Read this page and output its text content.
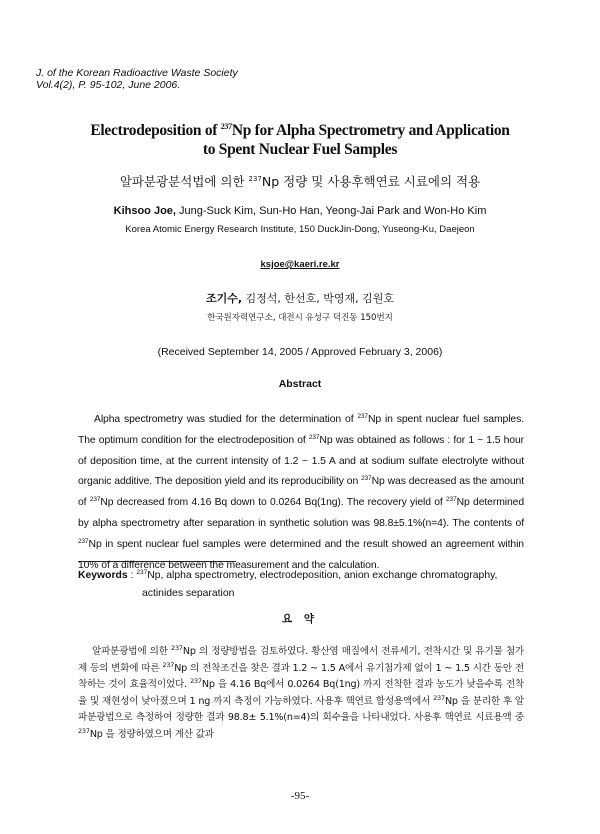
J. of the Korean Radioactive Waste Society
Vol.4(2), P. 95-102, June 2006.
Electrodeposition of $^{237}$Np for Alpha Spectrometry and Application
to Spent Nuclear Fuel Samples
알파분광분석법에 의한 $^{237}$Np 정량 및 사용후핵연료 시료에의 적용
Kihsoo Joe, Jung-Suck Kim, Sun-Ho Han, Yeong-Jai Park and Won-Ho Kim
Korea Atomic Energy Research Institute, 150 DuckJin-Dong, Yuseong-Ku, Daejeon
ksjoe@kaeri.re.kr
조기수, 김정석, 한선호, 박영재, 김원호
한국원자력연구소, 대전시 유성구 덕진동 150번지
(Received September 14, 2005 / Approved February 3, 2006)
Abstract
Alpha spectrometry was studied for the determination of $^{237}$Np in spent nuclear fuel samples. The optimum condition for the electrodeposition of $^{237}$Np was obtained as follows : for 1 ~ 1.5 hour of deposition time, at the current intensity of 1.2 ~ 1.5 A and at sodium sulfate electrolyte without organic additive. The deposition yield and its reproducibility on $^{237}$Np was decreased as the amount of $^{237}$Np decreased from 4.16 Bq down to 0.0264 Bq(1ng). The recovery yield of $^{237}$Np determined by alpha spectrometry after separation in synthetic solution was 98.8±5.1%(n=4). The contents of $^{237}$Np in spent nuclear fuel samples were determined and the result showed an agreement within 10% of a difference between the measurement and the calculation.
Keywords : $^{237}$Np, alpha spectrometry, electrodeposition, anion exchange chromatography,
actinides separation
요 약
알파분광법에 의한 $^{237}$Np 의 정량방법을 검토하였다. 황산염 매질에서 전류세기, 전착시간 및 유기물 첨가제 등의 변화에 따른 $^{237}$Np 의 전착조건을 찾은 결과 1.2 ~ 1.5 A에서 유기첨가제 없이 1 ~ 1.5 시간 동안 전착하는 것이 효율적이었다. $^{237}$Np 을 4.16 Bq에서 0.0264 Bq(1ng) 까지 전착한 결과 농도가 낮을수록 전착율 및 재현성이 낮아졌으며 1 ng 까지 측정이 가능하였다. 사용후 핵연료 합성용액에서 $^{237}$Np 을 분리한 후 알파분광법으로 측정하여 정량한 결과 98.8± 5.1%(n=4)의 회수율을 나타내었다. 사용후 핵연료 시료용액 중 $^{237}$Np 을 정량하였으며 계산 값과
-95-
